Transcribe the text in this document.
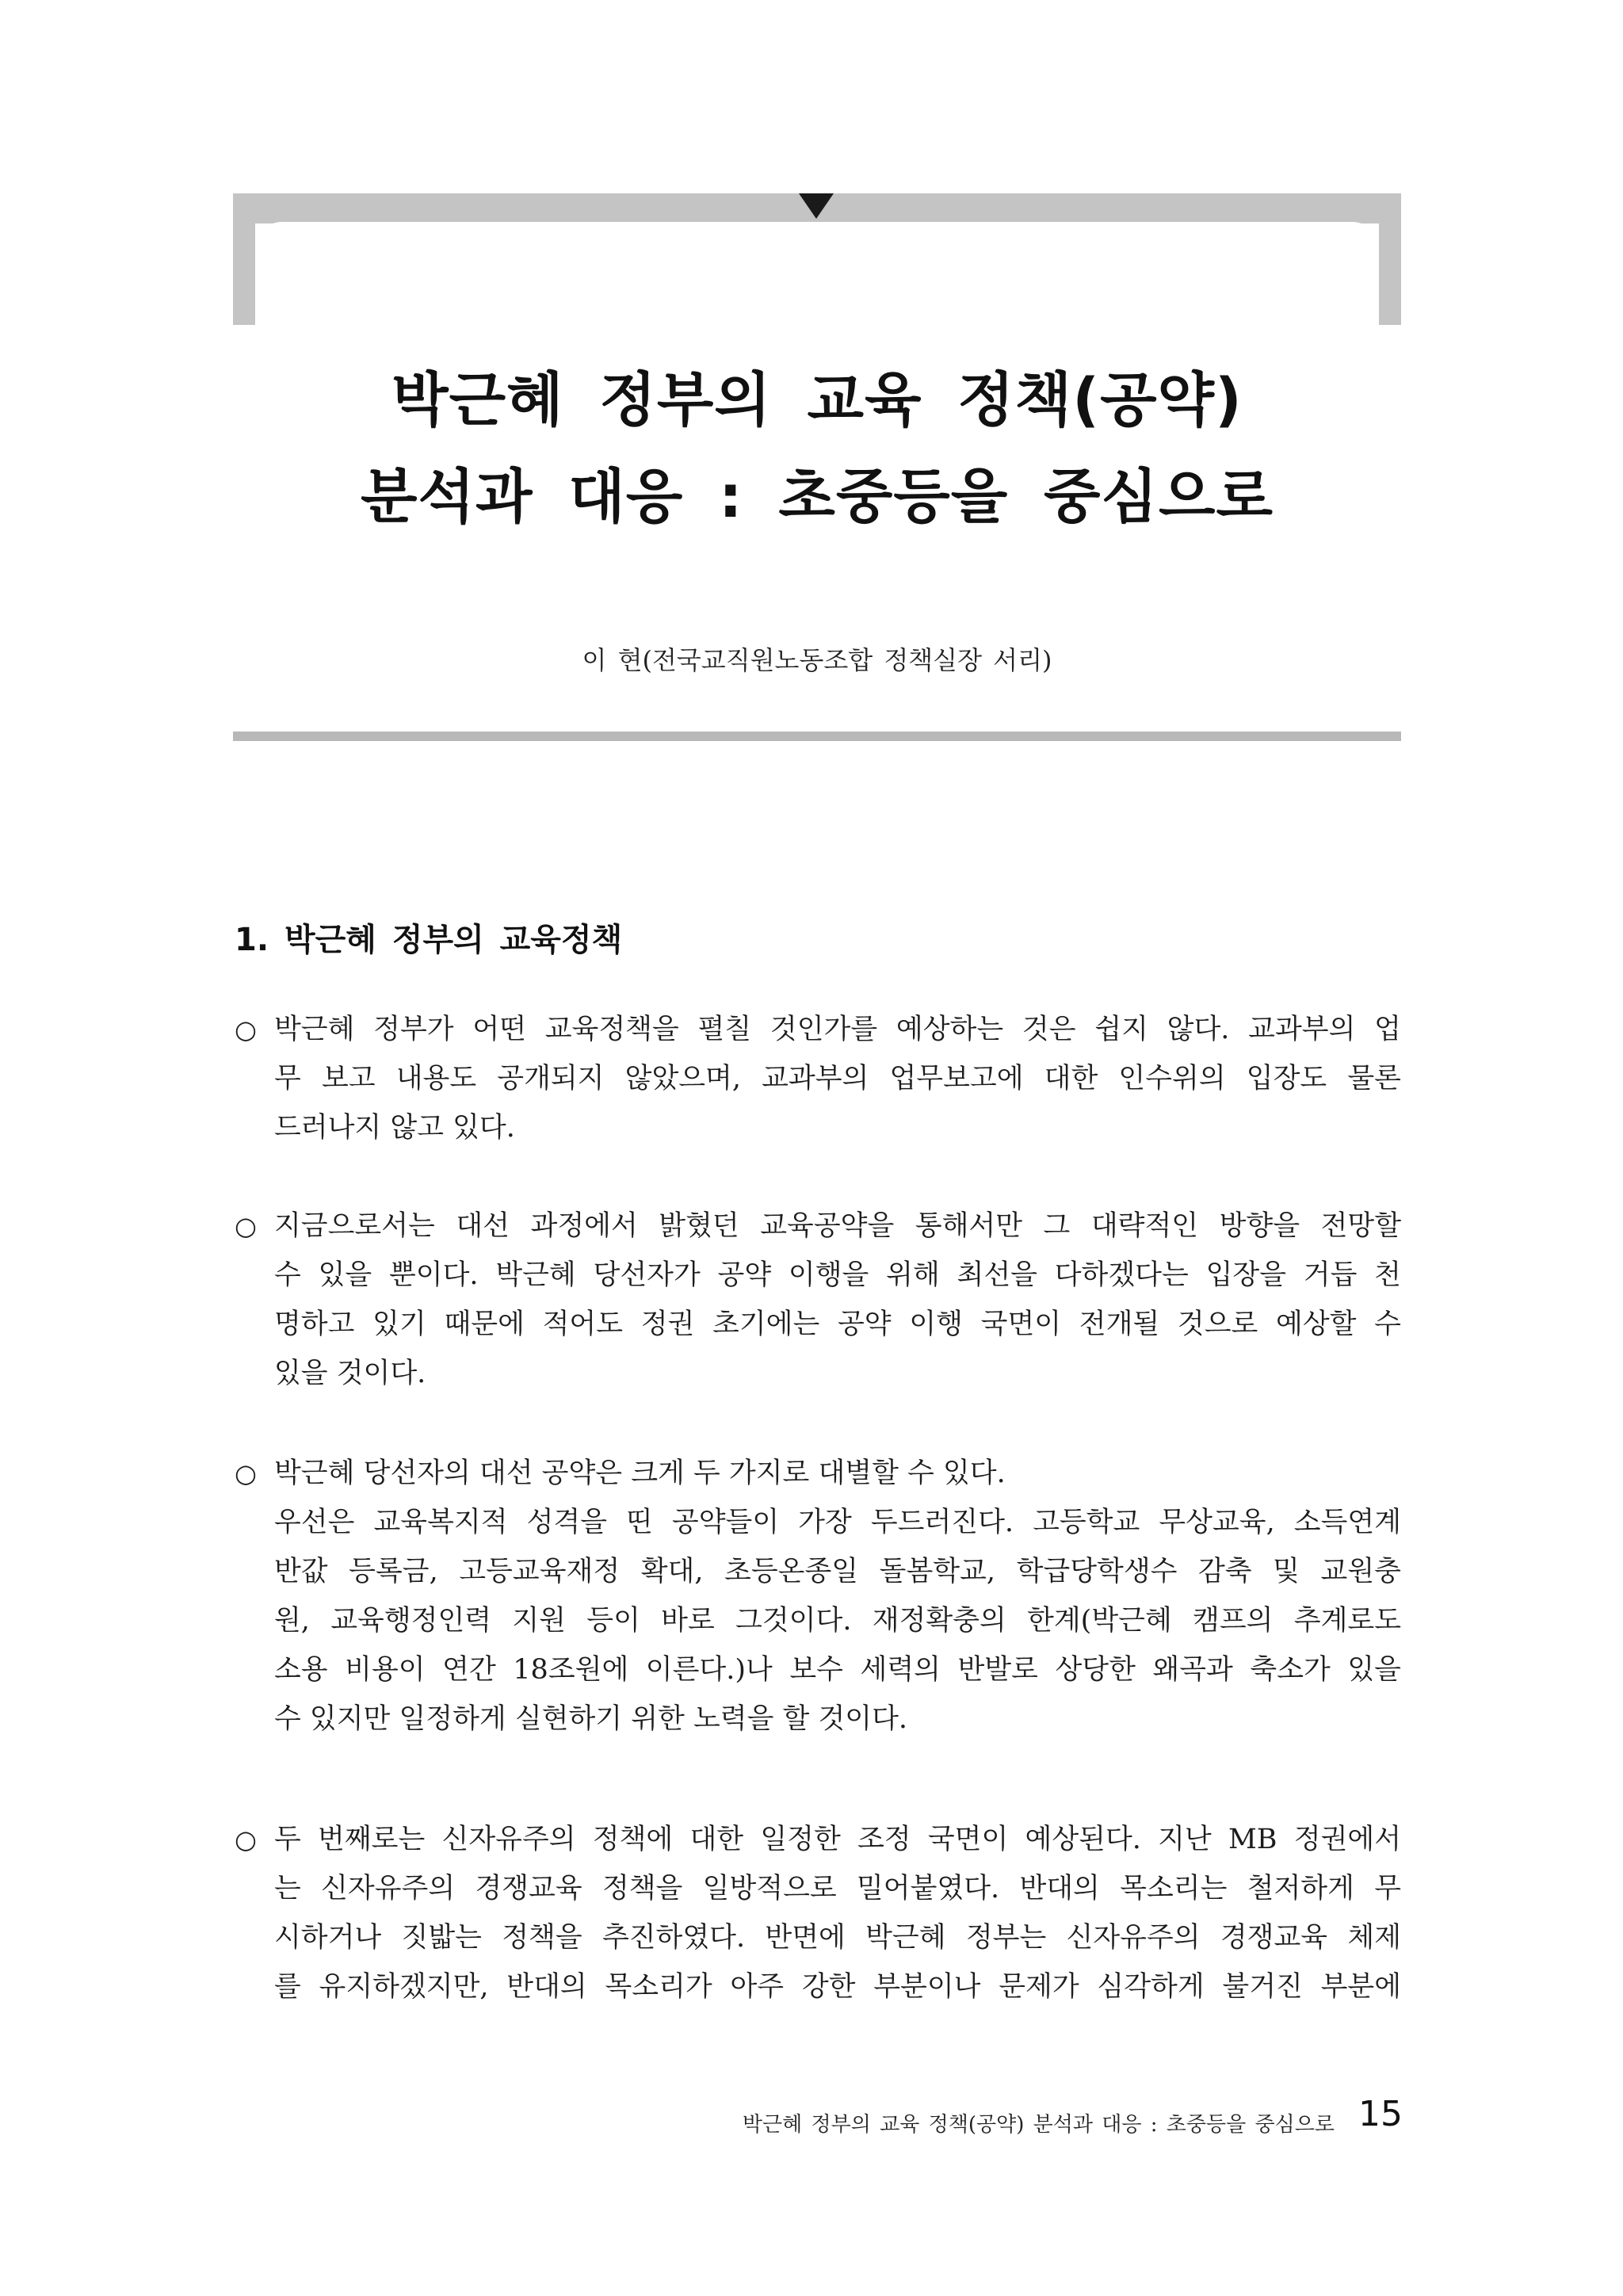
박근혜 정부의 교육 정책(공약)
분석과 대응 : 초중등을 중심으로
이 현(전국교직원노동조합 정책실장 서리)
1. 박근혜 정부의 교육정책
○ 박근혜 정부가 어떤 교육정책을 펼칠 것인가를 예상하는 것은 쉽지 않다. 교과부의 업
무 보고 내용도 공개되지 않았으며, 교과부의 업무보고에 대한 인수위의 입장도 물론
드러나지 않고 있다.
○ 지금으로서는 대선 과정에서 밝혔던 교육공약을 통해서만 그 대략적인 방향을 전망할
수 있을 뿐이다. 박근혜 당선자가 공약 이행을 위해 최선을 다하겠다는 입장을 거듭 천
명하고 있기 때문에 적어도 정권 초기에는 공약 이행 국면이 전개될 것으로 예상할 수
있을 것이다.
○ 박근혜 당선자의 대선 공약은 크게 두 가지로 대별할 수 있다.
우선은 교육복지적 성격을 띤 공약들이 가장 두드러진다. 고등학교 무상교육, 소득연계
반값 등록금, 고등교육재정 확대, 초등온종일 돌봄학교, 학급당학생수 감축 및 교원충
원, 교육행정인력 지원 등이 바로 그것이다. 재정확충의 한계(박근혜 캠프의 추계로도
소용 비용이 연간 18조원에 이른다.)나 보수 세력의 반발로 상당한 왜곡과 축소가 있을
수 있지만 일정하게 실현하기 위한 노력을 할 것이다.
○ 두 번째로는 신자유주의 정책에 대한 일정한 조정 국면이 예상된다. 지난 MB 정권에서
는 신자유주의 경쟁교육 정책을 일방적으로 밀어붙였다. 반대의 목소리는 철저하게 무
시하거나 짓밟는 정책을 추진하였다. 반면에 박근혜 정부는 신자유주의 경쟁교육 체제
를 유지하겠지만, 반대의 목소리가 아주 강한 부분이나 문제가 심각하게 불거진 부분에
박근혜 정부의 교육 정책(공약) 분석과 대응 : 초중등을 중심으로 15
